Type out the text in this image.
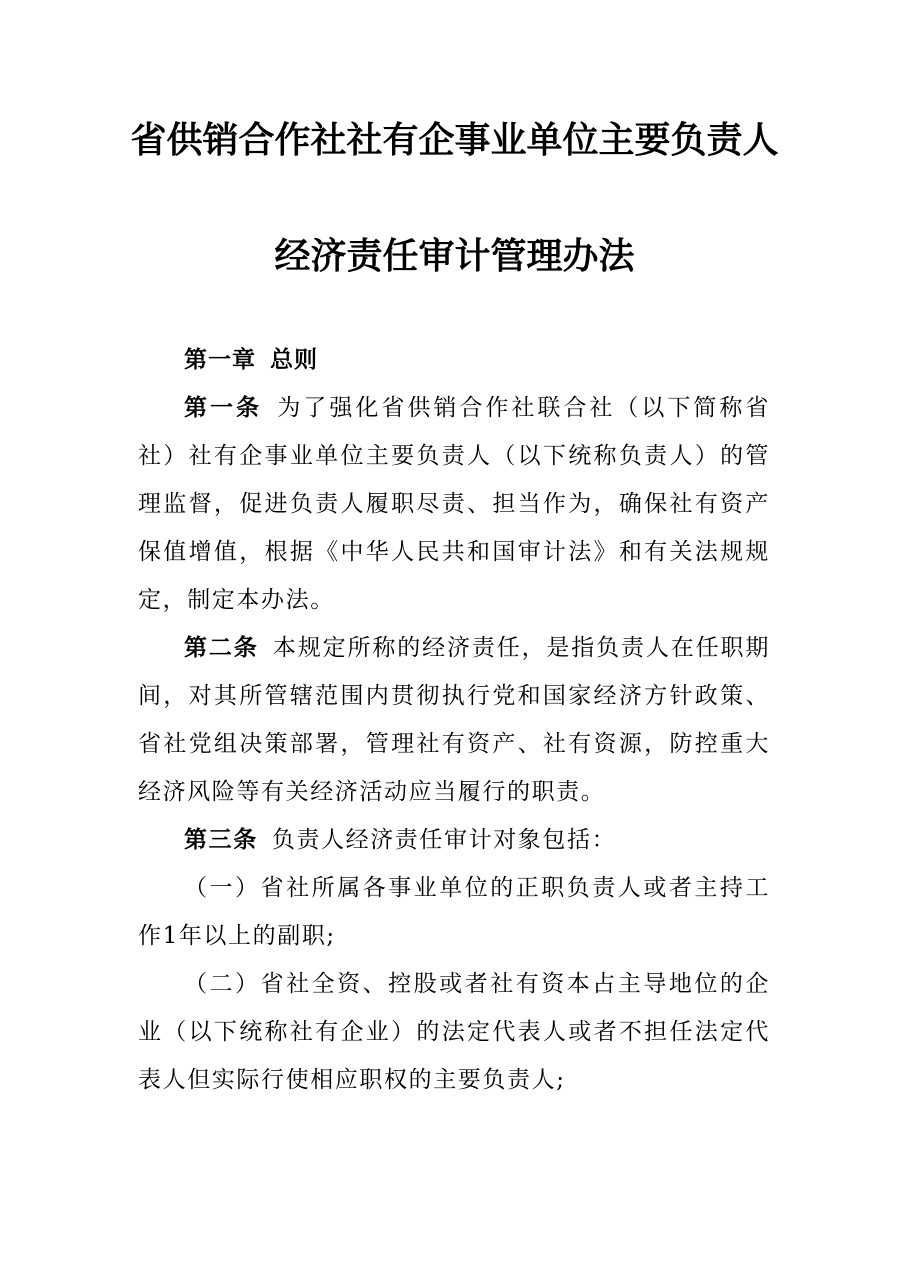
省供销合作社社有企事业单位主要负责人
经济责任审计管理办法

第一章 总则

第一条 为了强化省供销合作社联合社（以下简称省社）社有企事业单位主要负责人（以下统称负责人）的管理监督，促进负责人履职尽责、担当作为，确保社有资产保值增值，根据《中华人民共和国审计法》和有关法规规定，制定本办法。

第二条 本规定所称的经济责任，是指负责人在任职期间，对其所管辖范围内贯彻执行党和国家经济方针政策、省社党组决策部署，管理社有资产、社有资源，防控重大经济风险等有关经济活动应当履行的职责。

第三条 负责人经济责任审计对象包括：

（一）省社所属各事业单位的正职负责人或者主持工作1年以上的副职;

（二）省社全资、控股或者社有资本占主导地位的企业（以下统称社有企业）的法定代表人或者不担任法定代表人但实际行使相应职权的主要负责人;
